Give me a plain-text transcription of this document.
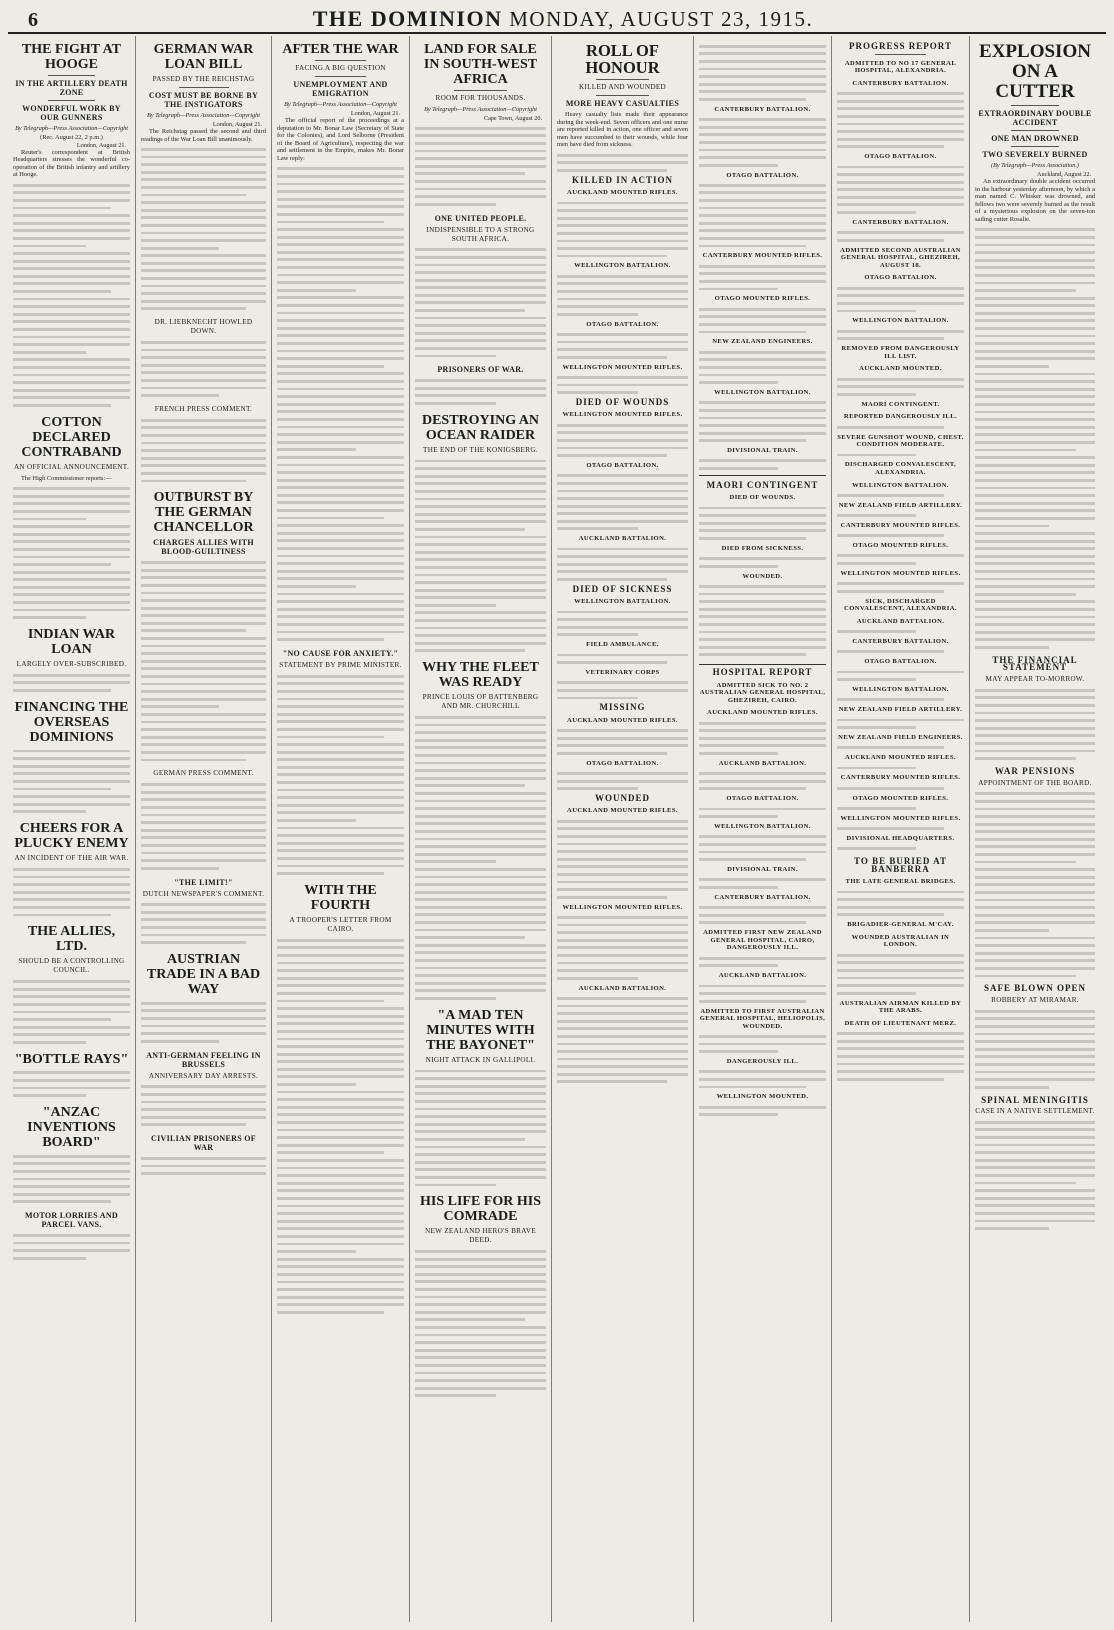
6	THE DOMINION MONDAY, AUGUST 23, 1915.
THE FIGHT AT HOOGE
IN THE ARTILLERY DEATH ZONE
WONDERFUL WORK BY OUR GUNNERS
By Telegraph—Press Association—Copyright
(Rec. August 22, 2 p.m.)
London, August 21.
Reuter's correspondent at British Headquarters stresses the wonderful co-operation of the British infantry and artillery at Hooge.
COTTON DECLARED CONTRABAND
AN OFFICIAL ANNOUNCEMENT.
The High Commissioner reports:—
INDIAN WAR LOAN
LARGELY OVER-SUBSCRIBED.
FINANCING THE OVERSEAS DOMINIONS
CHEERS FOR A PLUCKY ENEMY
AN INCIDENT OF THE AIR WAR.
THE ALLIES, LTD.
SHOULD BE A CONTROLLING COUNCIL.
"BOTTLE RAYS"
"ANZAC INVENTIONS BOARD"
MOTOR LORRIES AND PARCEL VANS.
GERMAN WAR LOAN BILL
PASSED BY THE REICHSTAG
COST MUST BE BORNE BY THE INSTIGATORS
By Telegraph—Press Association—Copyright
London, August 21.
The Reichstag passed the second and third readings of the War Loan Bill unanimously.
DR. LIEBKNECHT HOWLED DOWN.
FRENCH PRESS COMMENT.
OUTBURST BY THE GERMAN CHANCELLOR
CHARGES ALLIES WITH BLOOD-GUILTINESS
GERMAN PRESS COMMENT.
"THE LIMIT!"
DUTCH NEWSPAPER'S COMMENT.
AUSTRIAN TRADE IN A BAD WAY
ANTI-GERMAN FEELING IN BRUSSELS
ANNIVERSARY DAY ARRESTS.
CIVILIAN PRISONERS OF WAR
AFTER THE WAR
FACING A BIG QUESTION
UNEMPLOYMENT AND EMIGRATION
By Telegraph—Press Association—Copyright
London, August 21.
The official report of the proceedings at a deputation to Mr. Bonar Law (Secretary of State for the Colonies), and Lord Selborne (President of the Board of Agriculture), respecting the war and settlement in the Empire, makes Mr. Bonar Law reply:
"NO CAUSE FOR ANXIETY."
STATEMENT BY PRIME MINISTER.
WITH THE FOURTH
A TROOPER'S LETTER FROM CAIRO.
LAND FOR SALE IN SOUTH-WEST AFRICA
ROOM FOR THOUSANDS.
By Telegraph—Press Association—Copyright
Cape Town, August 20.
ONE UNITED PEOPLE.
INDISPENSIBLE TO A STRONG SOUTH AFRICA.
PRISONERS OF WAR.
DESTROYING AN OCEAN RAIDER
THE END OF THE KONIGSBERG.
WHY THE FLEET WAS READY
PRINCE LOUIS OF BATTENBERG AND MR. CHURCHILL
"A MAD TEN MINUTES WITH THE BAYONET"
NIGHT ATTACK IN GALLIPOLI.
HIS LIFE FOR HIS COMRADE
NEW ZEALAND HERO'S BRAVE DEED.
ROLL OF HONOUR
KILLED AND WOUNDED
MORE HEAVY CASUALTIES
Heavy casualty lists made their appearance during the week-end. Seven officers and one nurse are reported killed in action, one officer and seven men have succumbed to their wounds, while four men have died from sickness.
KILLED IN ACTION
AUCKLAND MOUNTED RIFLES.
WELLINGTON BATTALION.
OTAGO BATTALION.
WELLINGTON MOUNTED RIFLES.
DIED OF WOUNDS
WELLINGTON MOUNTED RIFLES.
OTAGO BATTALION.
AUCKLAND BATTALION.
DIED OF SICKNESS
WELLINGTON BATTALION.
FIELD AMBULANCE.
VETERINARY CORPS
MISSING
AUCKLAND MOUNTED RIFLES.
OTAGO BATTALION.
WOUNDED
AUCKLAND MOUNTED RIFLES.
WELLINGTON MOUNTED RIFLES.
AUCKLAND BATTALION.
CANTERBURY BATTALION.
OTAGO BATTALION.
CANTERBURY MOUNTED RIFLES.
OTAGO MOUNTED RIFLES.
NEW ZEALAND ENGINEERS.
WELLINGTON BATTALION.
DIVISIONAL TRAIN.
MAORI CONTINGENT
DIED OF WOUNDS.
DIED FROM SICKNESS.
WOUNDED.
HOSPITAL REPORT
ADMITTED SICK TO NO. 2 AUSTRALIAN GENERAL HOSPITAL, GHEZIREH, CAIRO.
AUCKLAND MOUNTED RIFLES.
AUCKLAND BATTALION.
OTAGO BATTALION.
WELLINGTON BATTALION.
DIVISIONAL TRAIN.
CANTERBURY BATTALION.
ADMITTED FIRST NEW ZEALAND GENERAL HOSPITAL, CAIRO, DANGEROUSLY ILL.
AUCKLAND BATTALION.
ADMITTED TO FIRST AUSTRALIAN GENERAL HOSPITAL, HELIOPOLIS, WOUNDED.
DANGEROUSLY ILL.
WELLINGTON MOUNTED.
PROGRESS REPORT
ADMITTED TO NO 17 GENERAL HOSPITAL, ALEXANDRIA.
CANTERBURY BATTALION.
OTAGO BATTALION.
CANTERBURY BATTALION.
ADMITTED SECOND AUSTRALIAN GENERAL HOSPITAL, GHEZIREH, AUGUST 18.
OTAGO BATTALION.
WELLINGTON BATTALION.
REMOVED FROM DANGEROUSLY ILL LIST.
AUCKLAND MOUNTED.
MAORI CONTINGENT.
REPORTED DANGEROUSLY ILL.
SEVERE GUNSHOT WOUND, CHEST. CONDITION MODERATE.
DISCHARGED CONVALESCENT, ALEXANDRIA.
WELLINGTON BATTALION.
NEW ZEALAND FIELD ARTILLERY.
CANTERBURY MOUNTED RIFLES.
OTAGO MOUNTED RIFLES.
WELLINGTON MOUNTED RIFLES.
SICK, DISCHARGED CONVALESCENT, ALEXANDRIA.
AUCKLAND BATTALION.
CANTERBURY BATTALION.
OTAGO BATTALION.
WELLINGTON BATTALION.
NEW ZEALAND FIELD ARTILLERY.
NEW ZEALAND FIELD ENGINEERS.
AUCKLAND MOUNTED RIFLES.
CANTERBURY MOUNTED RIFLES.
OTAGO MOUNTED RIFLES.
WELLINGTON MOUNTED RIFLES.
DIVISIONAL HEADQUARTERS.
TO BE BURIED AT BANBERRA
THE LATE GENERAL BRIDGES.
BRIGADIER-GENERAL M'CAY.
WOUNDED AUSTRALIAN IN LONDON.
AUSTRALIAN AIRMAN KILLED BY THE ARABS.
DEATH OF LIEUTENANT MERZ.
EXPLOSION ON A CUTTER
EXTRAORDINARY DOUBLE ACCIDENT
ONE MAN DROWNED
TWO SEVERELY BURNED
(By Telegraph—Press Association.)
Auckland, August 22.
An extraordinary double accident occurred in the harbour yesterday afternoon, by which a man named C. Whisker was drowned, and fellows two were severely burned as the result of a mysterious explosion on the seven-ton sailing cutter Rosalie.
THE FINANCIAL STATEMENT
MAY APPEAR TO-MORROW.
WAR PENSIONS
APPOINTMENT OF THE BOARD.
SAFE BLOWN OPEN
ROBBERY AT MIRAMAR.
SPINAL MENINGITIS
CASE IN A NATIVE SETTLEMENT.
